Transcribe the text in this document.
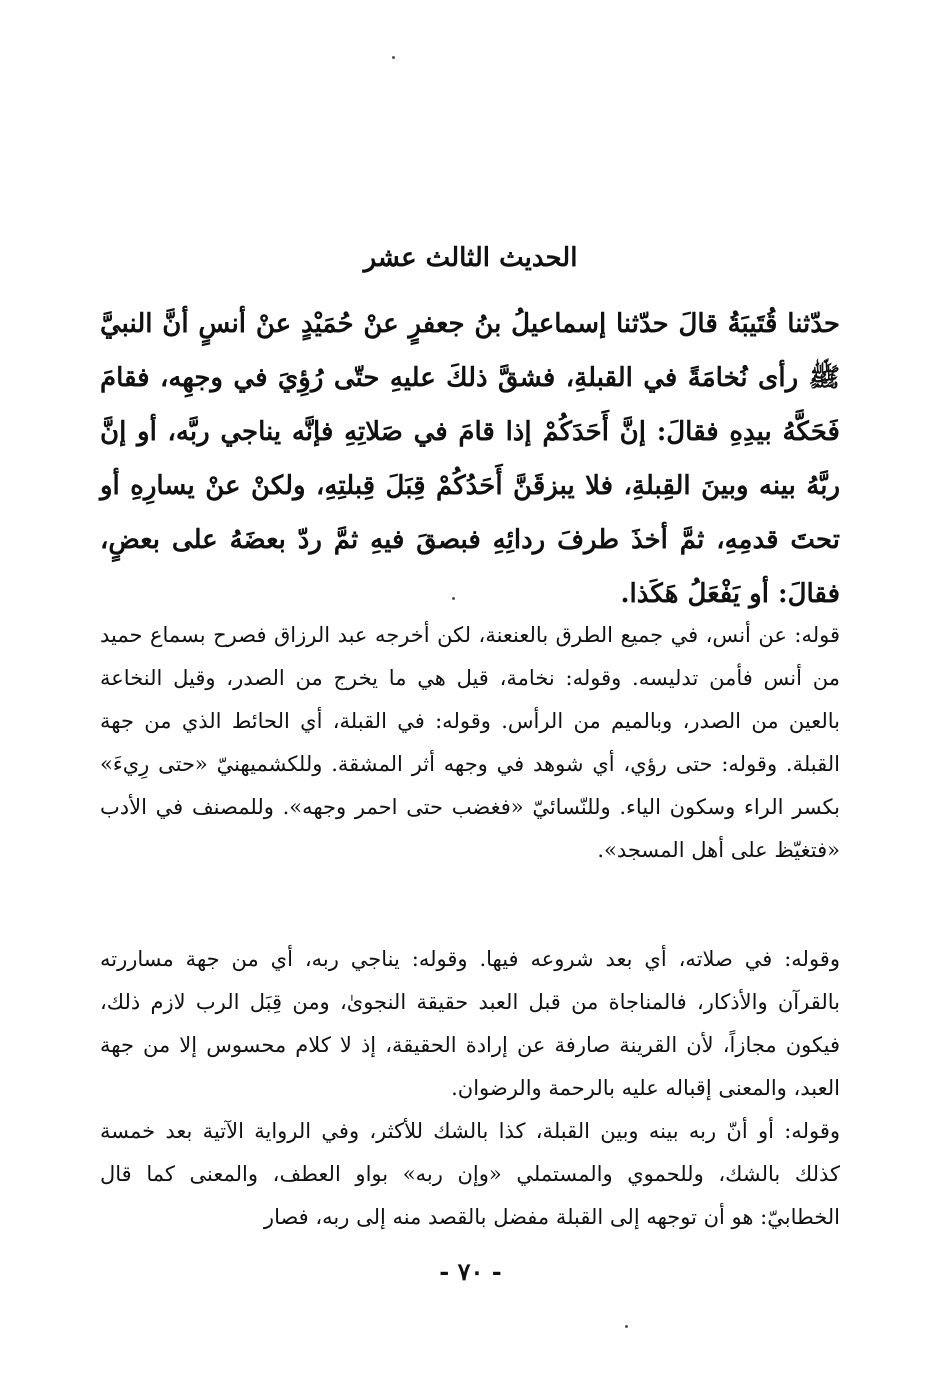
الحديث الثالث عشر
حدّثنا قُتَيبَةُ قالَ حدّثنا إسماعيلُ بنُ جعفرٍ عنْ حُمَيْدٍ عنْ أنسٍ أنَّ النبيَّ ﷺ رأى نُخامَةً في القبلةِ، فشقَّ ذلكَ عليهِ حتّى رُؤِيَ في وجهِه، فقامَ فَحَكَّهُ بيدِهِ فقالَ: إنَّ أَحَدَكُمْ إذا قامَ في صَلاتِهِ فإنَّه يناجي ربَّه، أو إنَّ ربَّهُ بينه وبينَ القِبلةِ، فلا يبزقَنَّ أَحَدُكُمْ قِبَلَ قِبلتِهِ، ولكنْ عنْ يسارِهِ أو تحتَ قدمِهِ، ثمَّ أخذَ طرفَ ردائِهِ فبصقَ فيهِ ثمَّ ردّ بعضَهُ على بعضٍ، فقالَ: أو يَفْعَلُ هَكَذا.

قوله: عن أنس، في جميع الطرق بالعنعنة، لكن أخرجه عبد الرزاق فصرح بسماع حميد من أنس فأمن تدليسه. وقوله: نخامة، قيل هي ما يخرج من الصدر، وقيل النخاعة بالعين من الصدر، وبالميم من الرأس. وقوله: في القبلة، أي الحائط الذي من جهة القبلة. وقوله: حتى رؤي، أي شوهد في وجهه أثر المشقة. وللكشميهنيّ «حتى رِيءَ» بكسر الراء وسكون الياء. وللنّسائيّ «فغضب حتى احمر وجهه». وللمصنف في الأدب «فتغيّظ على أهل المسجد».

وقوله: في صلاته، أي بعد شروعه فيها. وقوله: يناجي ربه، أي من جهة مساررته بالقرآن والأذكار، فالمناجاة من قبل العبد حقيقة النجوىٰ، ومن قِبَل الرب لازم ذلك، فيكون مجازاً، لأن القرينة صارفة عن إرادة الحقيقة، إذ لا كلام محسوس إلا من جهة العبد، والمعنى إقباله عليه بالرحمة والرضوان.

وقوله: أو أنّ ربه بينه وبين القبلة، كذا بالشك للأكثر، وفي الرواية الآتية بعد خمسة كذلك بالشك، وللحموي والمستملي «وإن ربه» بواو العطف، والمعنى كما قال الخطابيّ: هو أن توجهه إلى القبلة مفضل بالقصد منه إلى ربه، فصار

- ٧٠ -
